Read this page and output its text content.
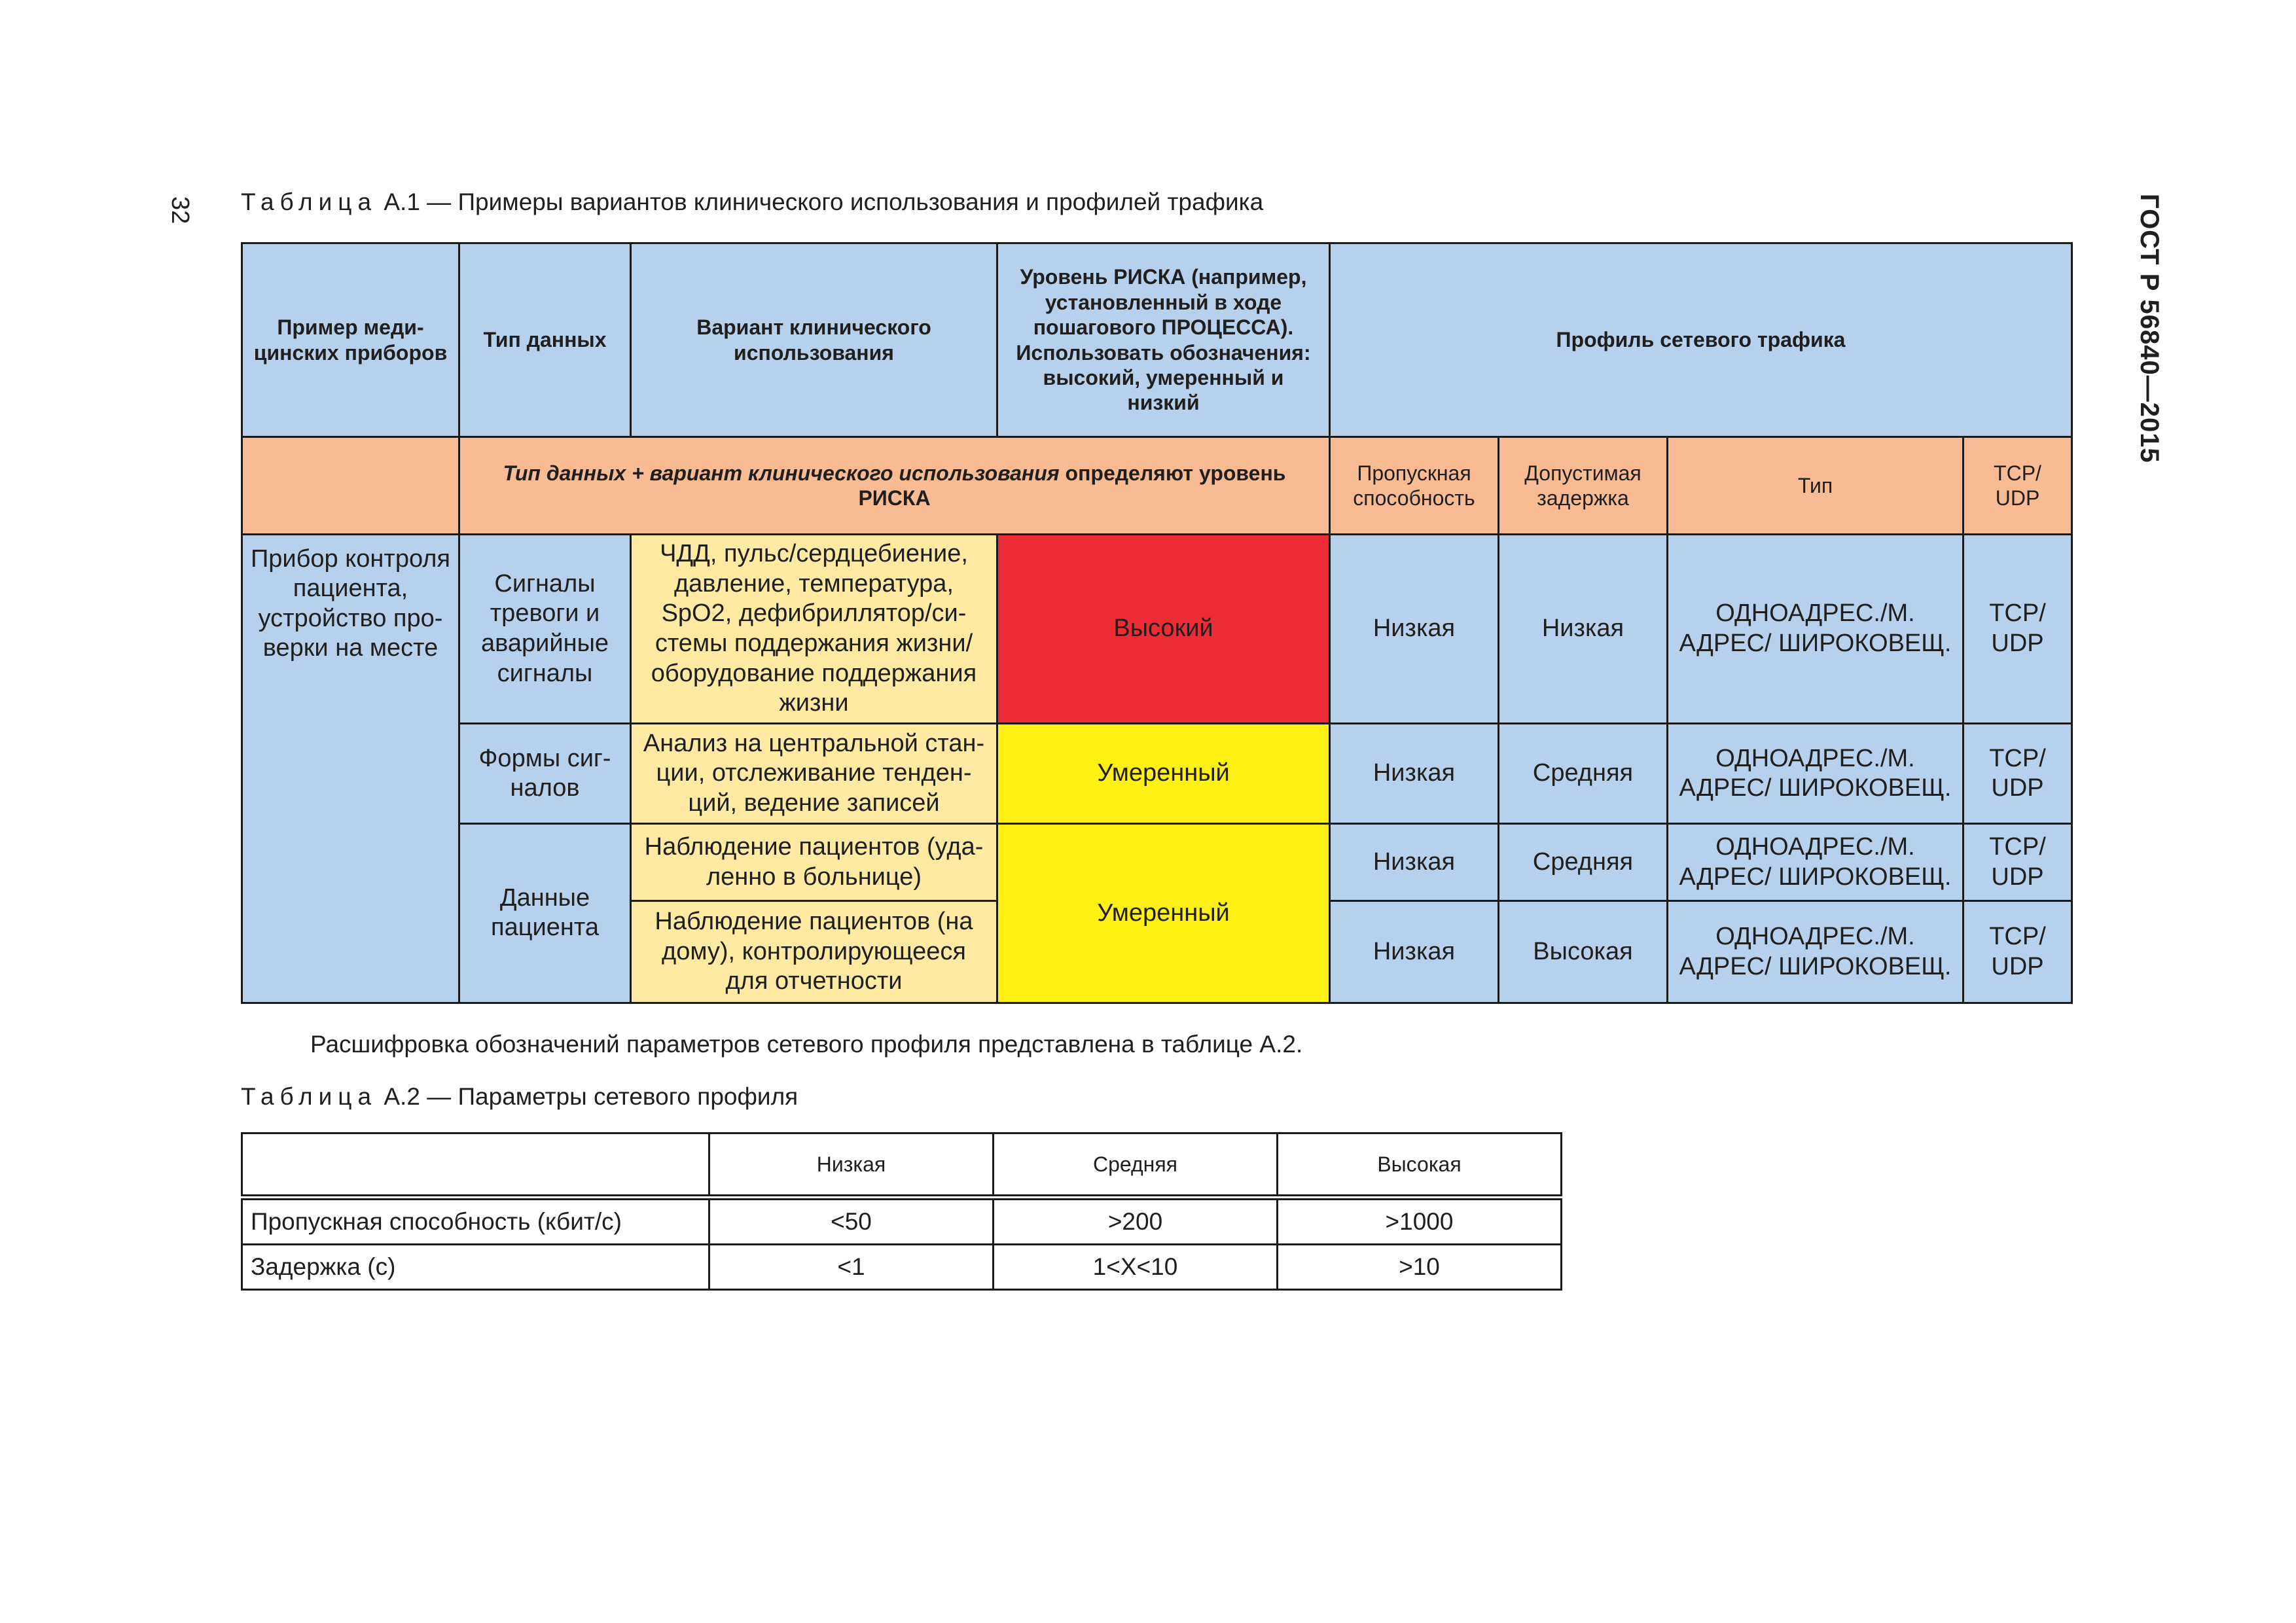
32	ГОСТ Р 56840—2015
Таблица А.1 — Примеры вариантов клинического использования и профилей трафика
Пример медицинских приборов	Тип данных	Вариант клинического использования	Уровень РИСКА (например, установленный в ходе пошагового ПРОЦЕССА). Использовать обозначения: высокий, умеренный и низкий	Профиль сетевого трафика			
	Тип данных + вариант клинического использования определяют уровень РИСКА			Пропускная способность	Допустимая задержка	Тип	TCP/ UDP
Прибор контроля пациента, устройство проверки на месте	Сигналы тревоги и аварийные сигналы	ЧДД, пульс/сердцебиение, давление, температура, SpO2, дефибриллятор/системы поддержания жизни/ оборудование поддержания жизни	Высокий	Низкая	Низкая	ОДНОАДРЕС./М. АДРЕС/ ШИРОКОВЕЩ.	TCP/ UDP
	Формы сигналов	Анализ на центральной станции, отслеживание тенденций, ведение записей	Умеренный	Низкая	Средняя	ОДНОАДРЕС./М. АДРЕС/ ШИРОКОВЕЩ.	TCP/ UDP
	Данные пациента	Наблюдение пациентов (удаленно в больнице)	Умеренный	Низкая	Средняя	ОДНОАДРЕС./М. АДРЕС/ ШИРОКОВЕЩ.	TCP/ UDP
		Наблюдение пациентов (на дому), контролирующееся для отчетности		Низкая	Высокая	ОДНОАДРЕС./М. АДРЕС/ ШИРОКОВЕЩ.	TCP/ UDP
Расшифровка обозначений параметров сетевого профиля представлена в таблице А.2.
Таблица А.2 — Параметры сетевого профиля
	Низкая	Средняя	Высокая
Пропускная способность (кбит/с)	<50	>200	>1000
Задержка (с)	<1	1<X<10	>10
